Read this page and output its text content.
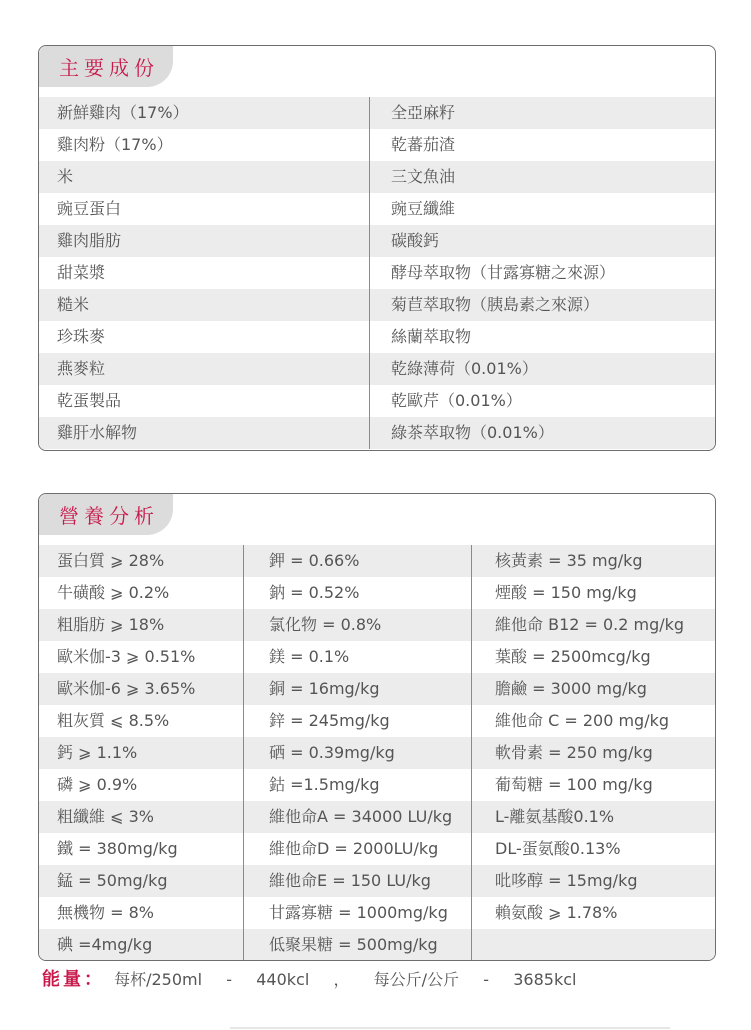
主要成份
新鮮雞肉（17%）	全亞麻籽
雞肉粉（17%）	乾蕃茄渣
米	三文魚油
豌豆蛋白	豌豆纖維
雞肉脂肪	碳酸鈣
甜菜漿	酵母萃取物（甘露寡糖之來源）
糙米	菊苣萃取物（胰島素之來源）
珍珠麥	絲蘭萃取物
燕麥粒	乾綠薄荷（0.01%）
乾蛋製品	乾歐芹（0.01%）
雞肝水解物	綠茶萃取物（0.01%）
營養分析
蛋白質 ⩾ 28%	鉀 = 0.66%	核黃素 = 35 mg/kg
牛磺酸 ⩾ 0.2%	鈉 = 0.52%	煙酸 = 150 mg/kg
粗脂肪 ⩾ 18%	氯化物 = 0.8%	維他命 B12 = 0.2 mg/kg
歐米伽-3 ⩾ 0.51%	鎂 = 0.1%	葉酸 = 2500mcg/kg
歐米伽-6 ⩾ 3.65%	銅 = 16mg/kg	膽鹼 = 3000 mg/kg
粗灰質 ⩽ 8.5%	鋅 = 245mg/kg	維他命 C = 200 mg/kg
鈣 ⩾ 1.1%	硒 = 0.39mg/kg	軟骨素 = 250 mg/kg
磷 ⩾ 0.9%	鈷 =1.5mg/kg	葡萄糖 = 100 mg/kg
粗纖維 ⩽ 3%	維他命A = 34000 LU/kg	L-離氨基酸0.1%
鐵 = 380mg/kg	維他命D = 2000LU/kg	DL-蛋氨酸0.13%
錳 = 50mg/kg	維他命E = 150 LU/kg	吡哆醇 = 15mg/kg
無機物 = 8%	甘露寡糖 = 1000mg/kg	賴氨酸 ⩾ 1.78%
碘 =4mg/kg	低聚果糖 = 500mg/kg
能量： 每杯/250ml - 440kcl ， 每公斤/公斤 - 3685kcl
